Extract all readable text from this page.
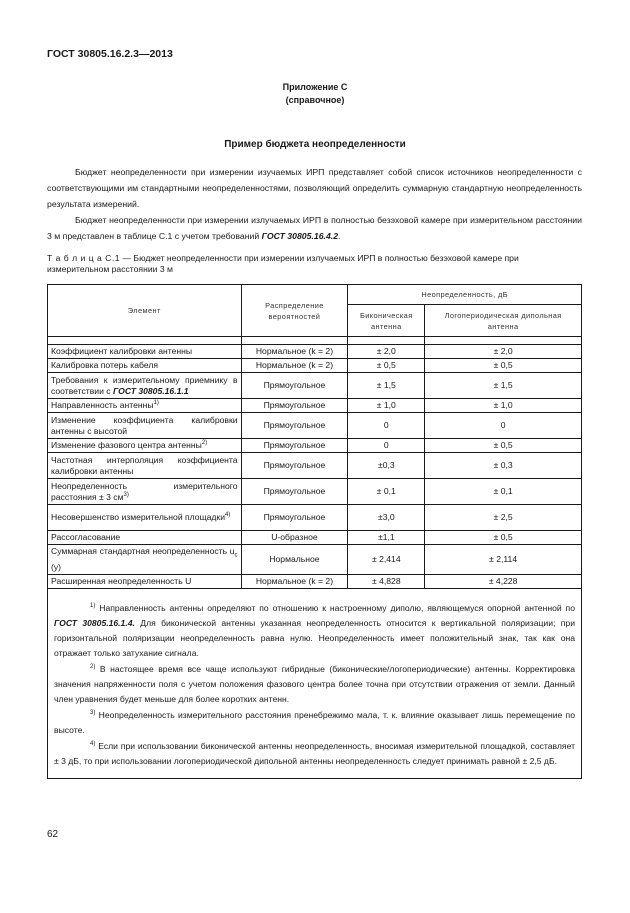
ГОСТ 30805.16.2.3—2013
Приложение С
(справочное)
Пример бюджета неопределенности

Бюджет неопределенности при измерении изучаемых ИРП представляет собой список источников неопределенности с соответствующими им стандартными неопределенностями, позволяющий определить суммарную стандартную неопределенность результата измерений.

Бюджет неопределенности при измерении излучаемых ИРП в полностью безэховой камере при измерительном расстоянии 3 м представлен в таблице С.1 с учетом требований ГОСТ 30805.16.4.2.

Т а б л и ц а С.1 — Бюджет неопределенности при измерении излучаемых ИРП в полностью безэховой камере при измерительном расстоянии 3 м
Элемент	Распределение вероятностей	Неопределенность, дБ	
		Биконическая антенна	Логопериодическая дипольная антенна

Коэффициент калибровки антенны	Нормальное (k = 2)	± 2,0	± 2,0
Калибровка потерь кабеля	Нормальное (k = 2)	± 0,5	± 0,5
Требования к измерительному приемнику в соответствии с ГОСТ 30805.16.1.1	Прямоугольное	± 1,5	± 1,5
Направленность антенны$^{1)}$	Прямоугольное	± 1,0	± 1,0
Изменение коэффициента калибровки антенны с высотой	Прямоугольное	0	0
Изменение фазового центра антенны$^{2)}$	Прямоугольное	0	± 0,5
Частотная интерполяция коэффициента калибровки антенны	Прямоугольное	±0,3	± 0,3
Неопределенность измерительного расстояния ± 3 $см^{3)}$	Прямоугольное	± 0,1	± 0,1
Несовершенство измерительной площадки$^{4)}$	Прямоугольное	±3,0	± 2,5
Рассогласование	U-образное	±1,1	± 0,5
Суммарная стандартная неопределенность $u_c$ (y)	Нормальное	± 2,414	± 2,114
Расширенная неопределенность U	Нормальное (k = 2)	± 4,828	± 4,228

$^{1)}$ Направленность антенны определяют по отношению к настроенному диполю, являющемуся опорной антенной по ГОСТ 30805.16.1.4. Для биконической антенны указанная неопределенность относится к вертикальной поляризации; при горизонтальной поляризации неопределенность равна нулю. Неопределенность имеет положительный знак, так как она отражает только затухание сигнала.

$^{2)}$ В настоящее время все чаще используют гибридные (биконические/логопериодические) антенны. Корректировка значения напряженности поля с учетом положения фазового центра более точна при отсутствии отражения от земли. Данный член уравнения будет меньше для более коротких антенн.

$^{3)}$ Неопределенность измерительного расстояния пренебрежимо мала, т. к. влияние оказывает лишь перемещение по высоте.

$^{4)}$ Если при использовании биконической антенны неопределенность, вносимая измерительной площадкой, составляет ± 3 дБ, то при использовании логопериодической дипольной антенны неопределенность следует принимать равной ± 2,5 дБ.			

62
